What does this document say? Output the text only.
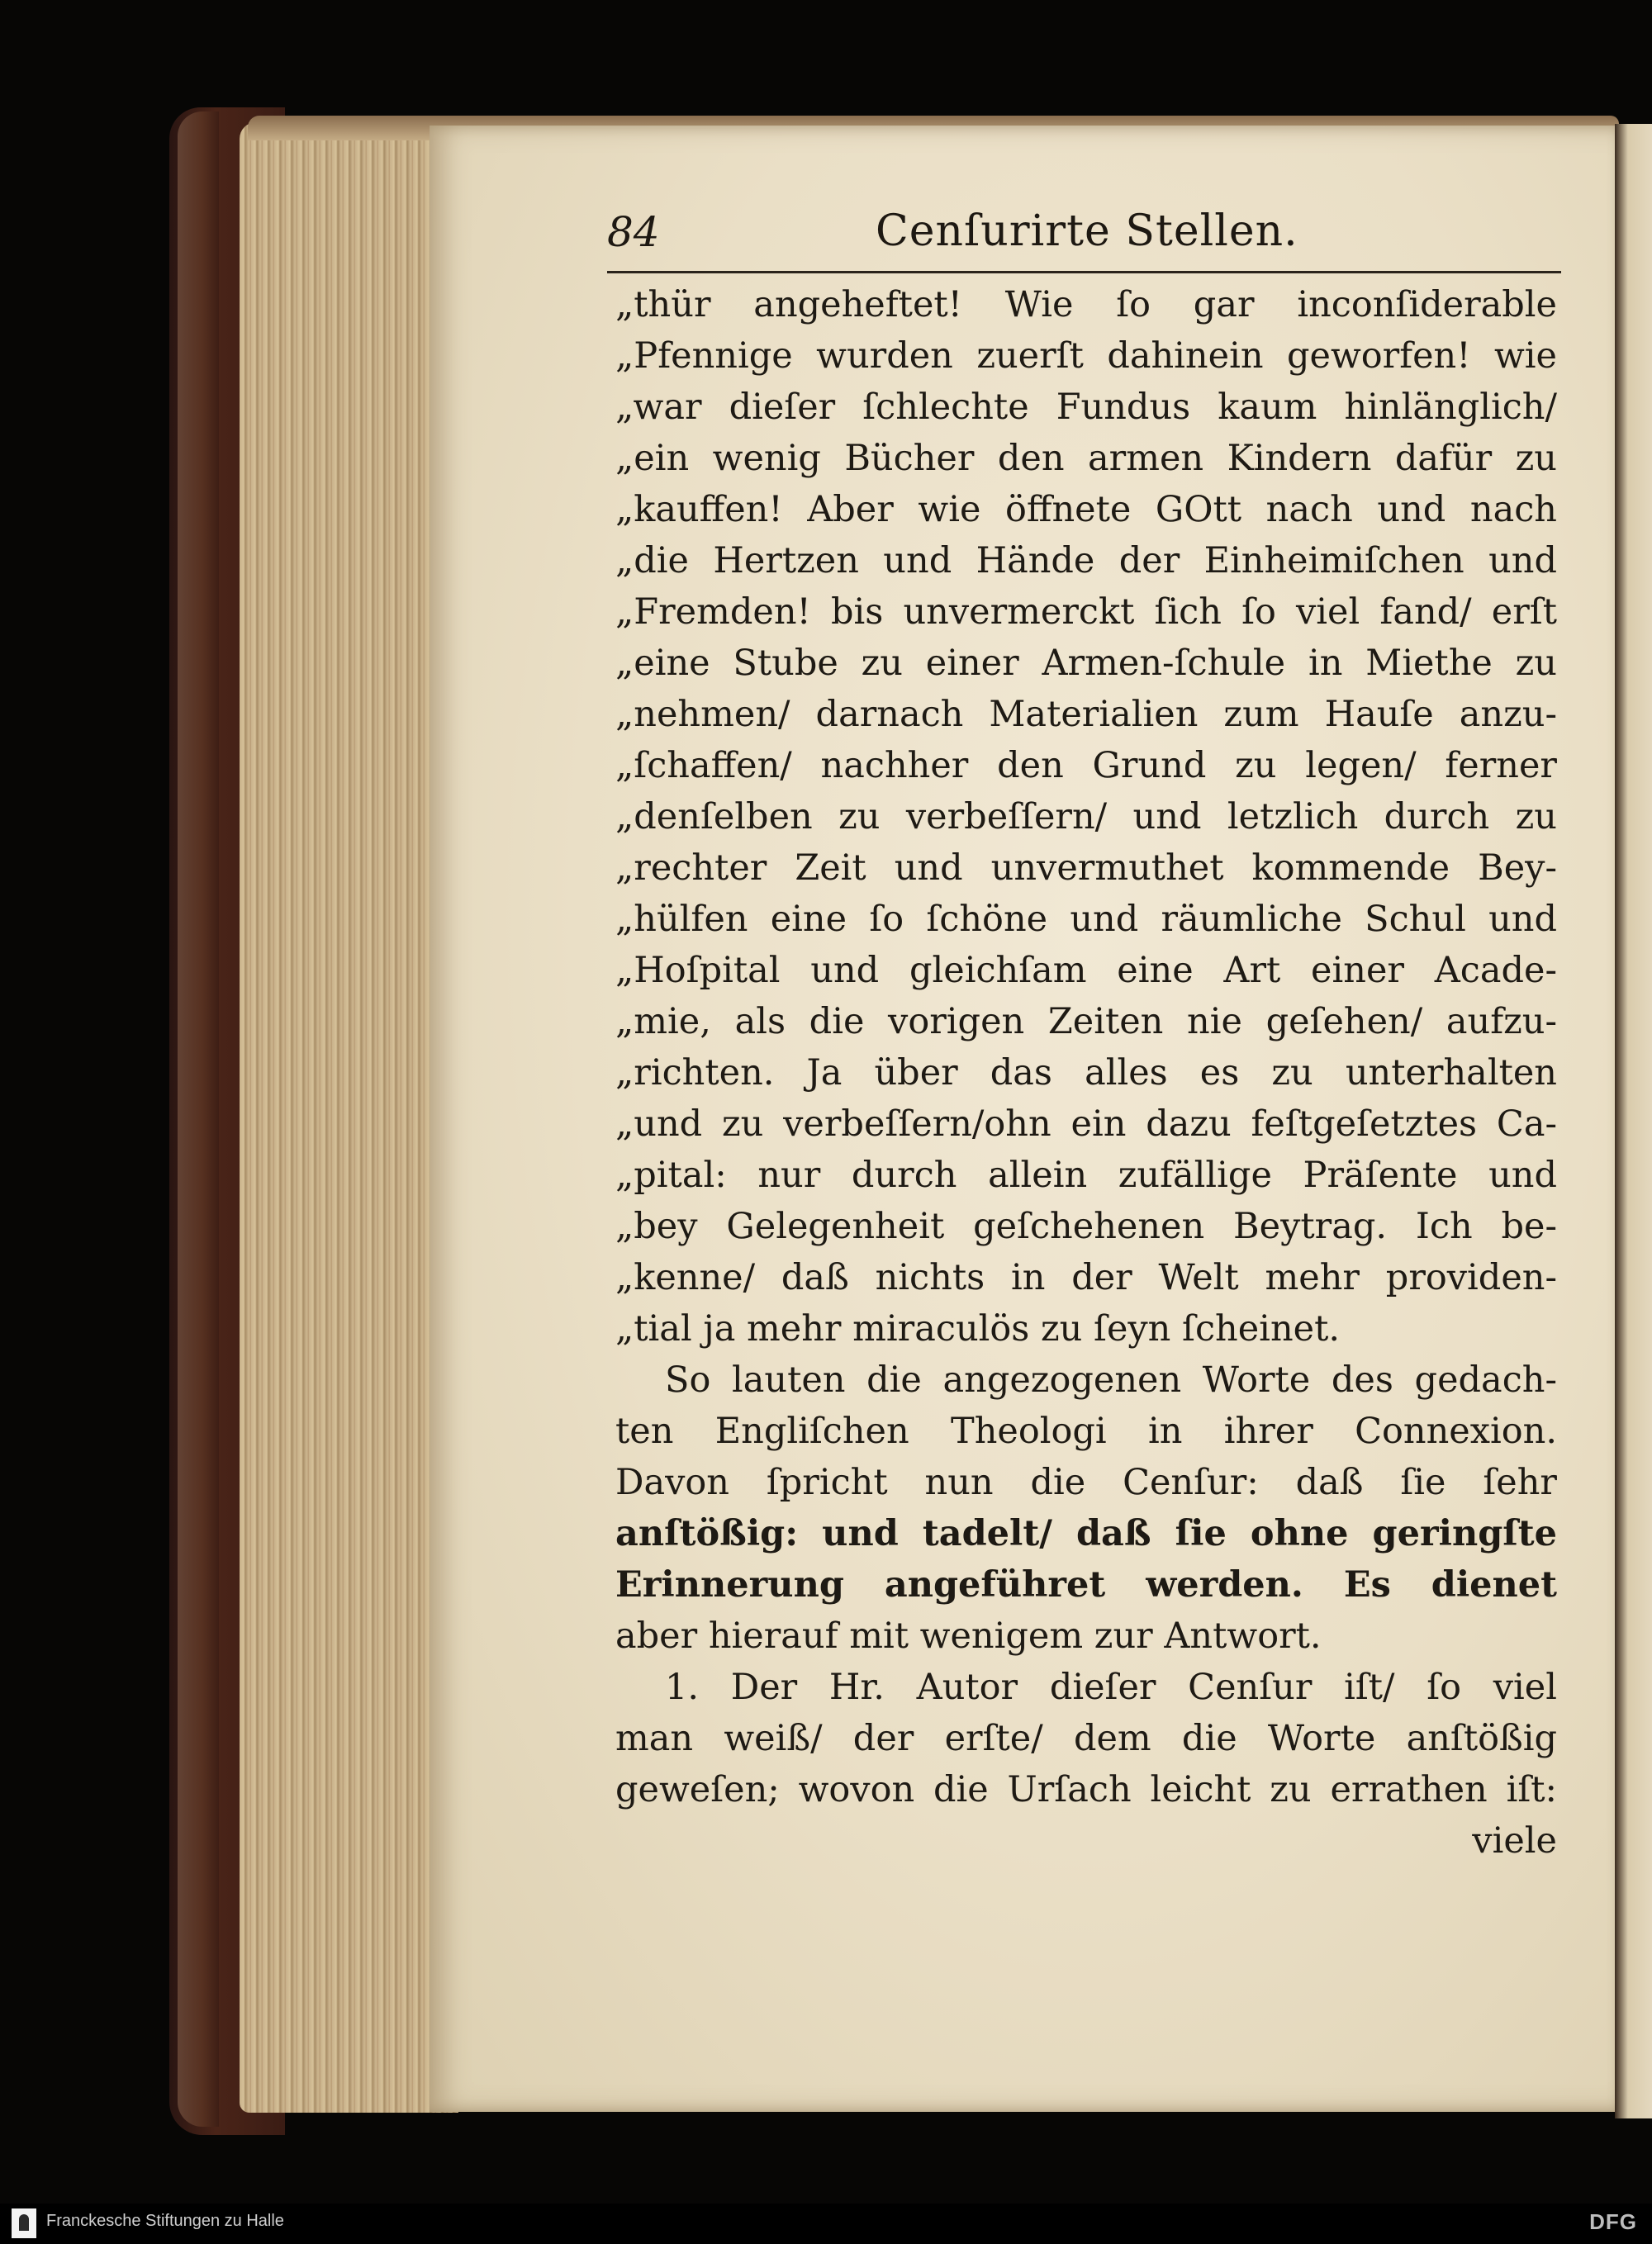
84	Cenſurirte Stellen.
„thür angeheftet! Wie ſo gar inconſiderable
„Pfennige wurden zuerſt dahinein geworfen! wie
„war dieſer ſchlechte Fundus kaum hinlänglich/
„ein wenig Bücher den armen Kindern dafür zu
„kauffen! Aber wie öffnete GOtt nach und nach
„die Hertzen und Hände der Einheimiſchen und
„Fremden! bis unvermerckt ſich ſo viel fand/ erſt
„eine Stube zu einer Armen-ſchule in Miethe zu
„nehmen/ darnach Materialien zum Hauſe anzu-
„ſchaffen/ nachher den Grund zu legen/ ferner
„denſelben zu verbeſſern/ und letzlich durch zu
„rechter Zeit und unvermuthet kommende Bey-
„hülfen eine ſo ſchöne und räumliche Schul und
„Hoſpital und gleichſam eine Art einer Acade-
„mie, als die vorigen Zeiten nie geſehen/ aufzu-
„richten. Ja über das alles es zu unterhalten
„und zu verbeſſern/ohn ein dazu feſtgeſetztes Ca-
„pital: nur durch allein zufällige Präſente und
„bey Gelegenheit geſchehenen Beytrag. Ich be-
„kenne/ daß nichts in der Welt mehr providen-
„tial ja mehr miraculös zu ſeyn ſcheinet.
So lauten die angezogenen Worte des gedach-
ten Engliſchen Theologi in ihrer Connexion.
Davon ſpricht nun die Cenſur: daß ſie ſehr
anſtößig: und tadelt/ daß ſie ohne geringſte
Erinnerung angeführet werden. Es dienet
aber hierauf mit wenigem zur Antwort.
1. Der Hr. Autor dieſer Cenſur iſt/ ſo viel
man weiß/ der erſte/ dem die Worte anſtößig
geweſen; wovon die Urſach leicht zu errathen iſt:
viele
Franckesche Stiftungen zu Halle	DFG
